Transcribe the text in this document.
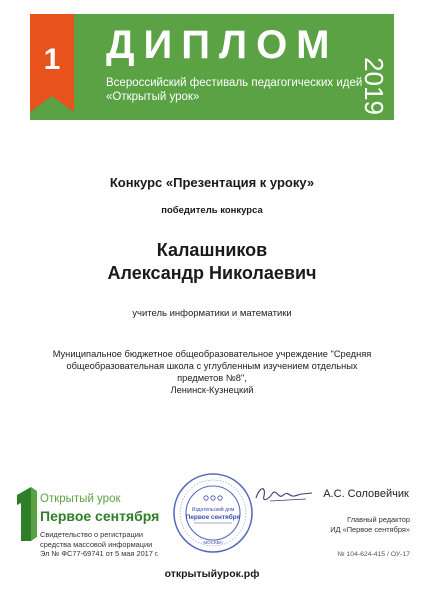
1	ДИПЛОМ
Всероссийский фестиваль педагогических идей
«Открытый урок»	2019
Конкурс «Презентация к уроку»
победитель конкурса
Калашников
Александр Николаевич
учитель информатики и математики
Муниципальное бюджетное общеобразовательное учреждение "Средняя
общеобразовательная школа с углубленным изучением отдельных предметов №8",
Ленинск-Кузнецкий
Открытый урок
Первое сентября
Свидетельство о регистрации
средства массовой информации
Эл № ФС77-69741 от 5 мая 2017 г.
Издательский дом
Первое сентября
МОСКВА
А.С. Соловейчик
Главный редактор
ИД «Первое сентября»
№ 104-624-415 / ОУ-17
открытыйурок.рф
